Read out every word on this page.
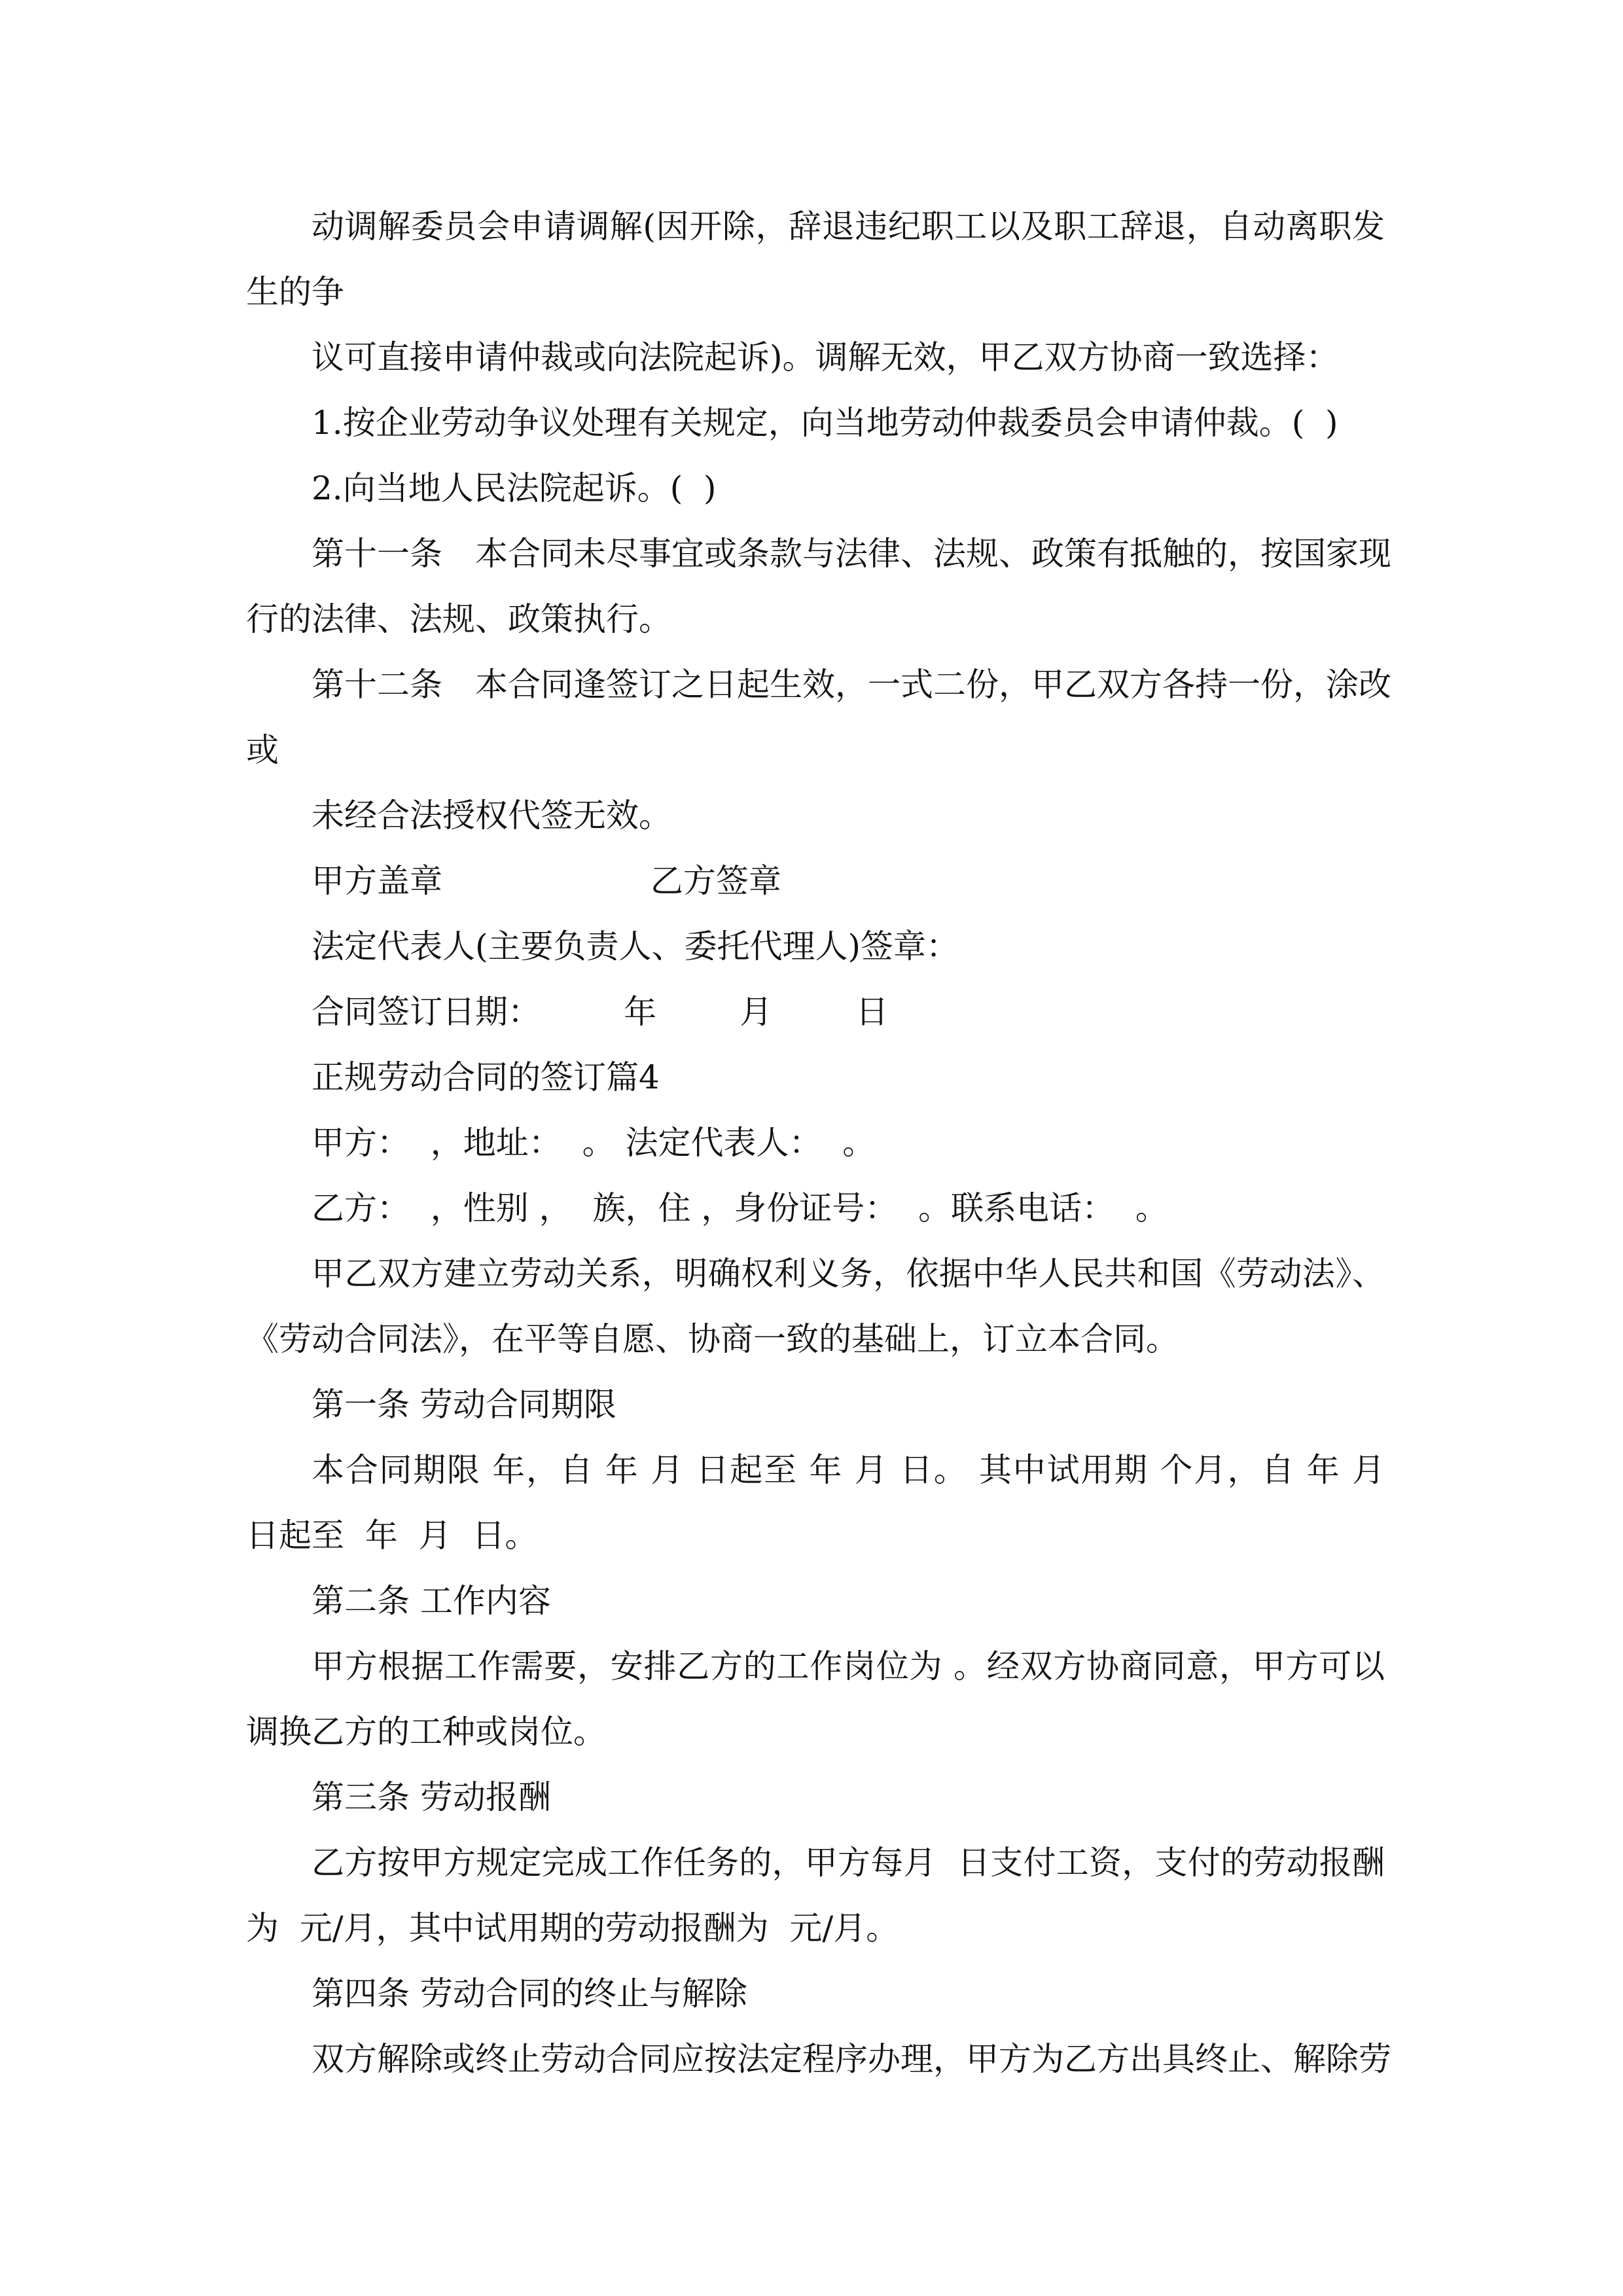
动调解委员会申请调解(因开除，辞退违纪职工以及职工辞退，自动离职发
生的争
议可直接申请仲裁或向法院起诉)。调解无效，甲乙双方协商一致选择：
1.按企业劳动争议处理有关规定，向当地劳动仲裁委员会申请仲裁。(  )
2.向当地人民法院起诉。(  )
第十一条　本合同未尽事宜或条款与法律、法规、政策有抵触的，按国家现
行的法律、法规、政策执行。
第十二条　本合同逢签订之日起生效，一式二份，甲乙双方各持一份，涂改
或
未经合法授权代签无效。
甲方盖章                    乙方签章
法定代表人(主要负责人、委托代理人)签章：
合同签订日期：        年        月        日
正规劳动合同的签订篇4
甲方：  ，地址：  。 法定代表人：  。
乙方：  ，性别 ，  族，住 ，身份证号：  。联系电话：  。
甲乙双方建立劳动关系，明确权利义务，依据中华人民共和国《劳动法》、
《劳动合同法》，在平等自愿、协商一致的基础上，订立本合同。
第一条 劳动合同期限
本合同期限 年，自 年 月 日起至 年 月 日。 其中试用期 个月，自 年 月
日起至  年  月  日。
第二条 工作内容
甲方根据工作需要，安排乙方的工作岗位为 。经双方协商同意，甲方可以
调换乙方的工种或岗位。
第三条 劳动报酬
乙方按甲方规定完成工作任务的，甲方每月  日支付工资，支付的劳动报酬
为  元/月，其中试用期的劳动报酬为  元/月。
第四条 劳动合同的终止与解除
双方解除或终止劳动合同应按法定程序办理，甲方为乙方出具终止、解除劳
